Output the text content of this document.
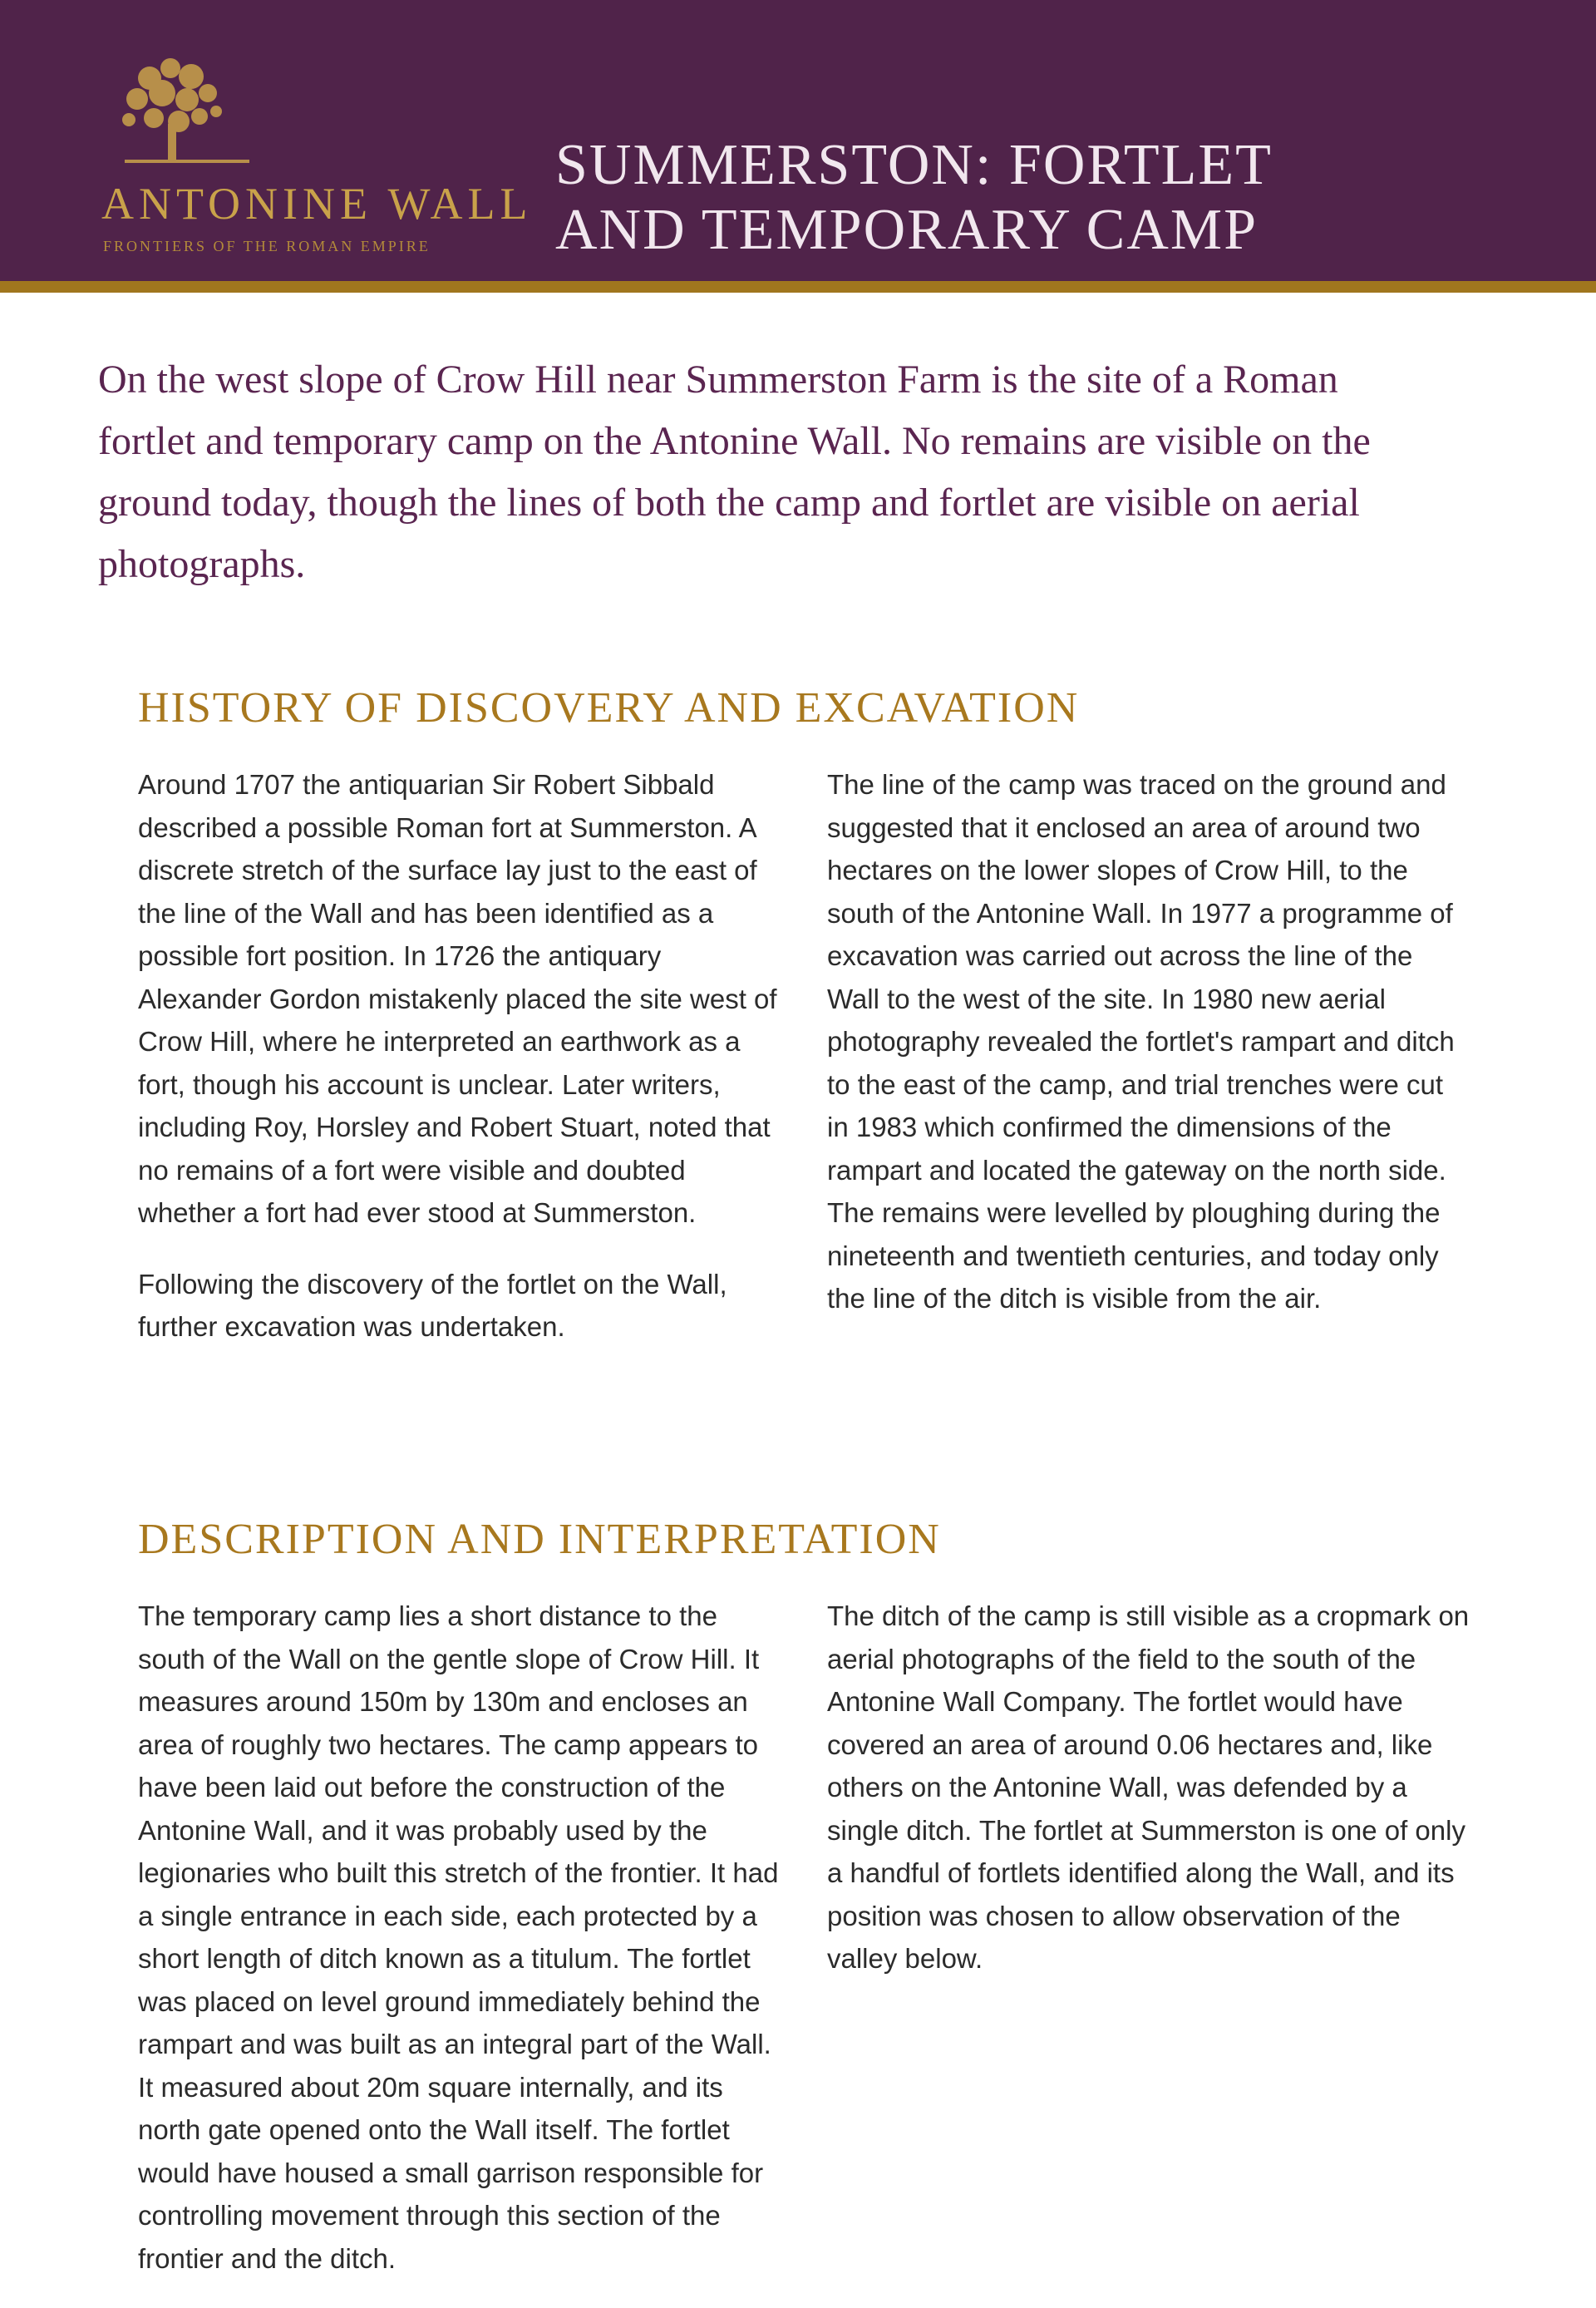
ANTONINE WALL
FRONTIERS OF THE ROMAN EMPIRE
SUMMERSTON: FORTLET
AND TEMPORARY CAMP
On the west slope of Crow Hill near Summerston Farm is the site of a Roman fortlet and temporary camp on the Antonine Wall. No remains are visible on the ground today, though the lines of both the camp and fortlet are visible on aerial photographs.
HISTORY OF DISCOVERY AND EXCAVATION

Around 1707 the antiquarian Sir Robert Sibbald described a possible Roman fort at Summerston. A discrete stretch of the surface lay just to the east of the line of the Wall and has been identified as a possible fort position. In 1726 the antiquary Alexander Gordon mistakenly placed the site west of Crow Hill, where he interpreted an earthwork as a fort, though his account is unclear. Later writers, including Roy, Horsley and Robert Stuart, noted that no remains of a fort were visible and doubted whether a fort had ever stood at Summerston.

Following the discovery of the fortlet on the Wall, further excavation was undertaken.

The line of the camp was traced on the ground and suggested that it enclosed an area of around two hectares on the lower slopes of Crow Hill, to the south of the Antonine Wall. In 1977 a programme of excavation was carried out across the line of the Wall to the west of the site. In 1980 new aerial photography revealed the fortlet's rampart and ditch to the east of the camp, and trial trenches were cut in 1983 which confirmed the dimensions of the rampart and located the gateway on the north side. The remains were levelled by ploughing during the nineteenth and twentieth centuries, and today only the line of the ditch is visible from the air.

DESCRIPTION AND INTERPRETATION

The temporary camp lies a short distance to the south of the Wall on the gentle slope of Crow Hill. It measures around 150m by 130m and encloses an area of roughly two hectares. The camp appears to have been laid out before the construction of the Antonine Wall, and it was probably used by the legionaries who built this stretch of the frontier. It had a single entrance in each side, each protected by a short length of ditch known as a titulum. The fortlet was placed on level ground immediately behind the rampart and was built as an integral part of the Wall. It measured about 20m square internally, and its north gate opened onto the Wall itself. The fortlet would have housed a small garrison responsible for controlling movement through this section of the frontier and the ditch.

The ditch of the camp is still visible as a cropmark on aerial photographs of the field to the south of the Antonine Wall Company. The fortlet would have covered an area of around 0.06 hectares and, like others on the Antonine Wall, was defended by a single ditch. The fortlet at Summerston is one of only a handful of fortlets identified along the Wall, and its position was chosen to allow observation of the valley below.
